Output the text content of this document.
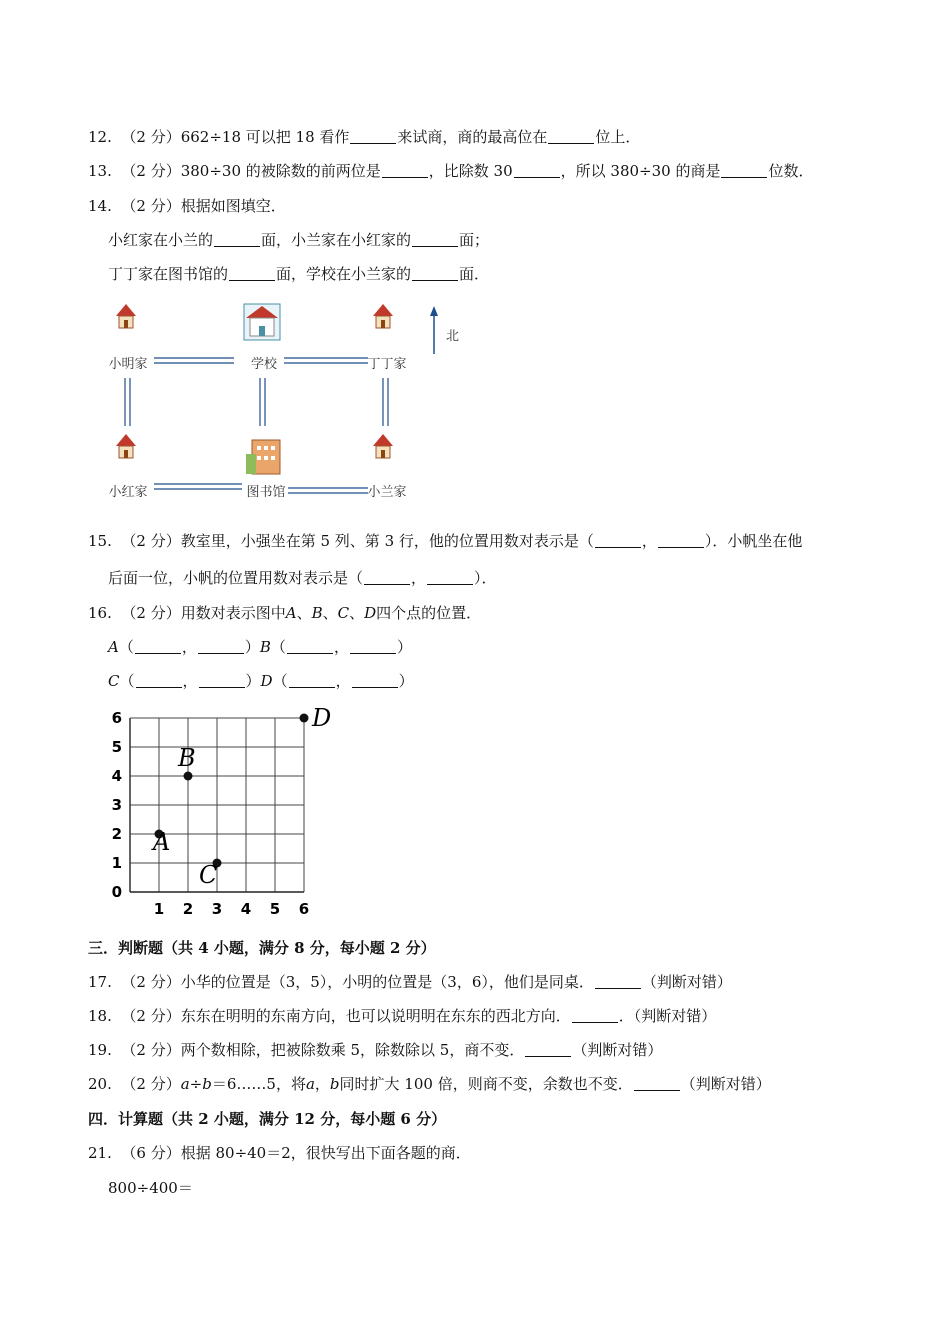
12. （2 分）662÷18 可以把 18 看作	来试商，商的最高位在	位上．
13. （2 分）380÷30 的被除数的前两位是	，比除数 30	，所以 380÷30 的商是	位数．
14. （2 分）根据如图填空．
小红家在小兰的	面，小兰家在小红家的	面；
丁丁家在图书馆的	面，学校在小兰家的	面．
小明家	学校	丁丁家
小红家	图书馆	小兰家
北
15. （2 分）教室里，小强坐在第 5 列、第 3 行，他的位置用数对表示是（	，	）．小帆坐在他
后面一位，小帆的位置用数对表示是（	，	）．
16. （2 分）用数对表示图中A、B、C、D四个点的位置．
A（	，	）B（	，	）
C（	，	）D（	，	）
1 2 3 4 5 6
0
1
2
3
4
5
6
A
B
C
D
三．判断题（共 4 小题，满分 8 分，每小题 2 分）
17. （2 分）小华的位置是（3，5），小明的位置是（3，6），他们是同桌．	（判断对错）
18. （2 分）东东在明明的东南方向，也可以说明明在东东的西北方向．	．（判断对错）
19. （2 分）两个数相除，把被除数乘 5，除数除以 5，商不变．	（判断对错）
20. （2 分）a÷b＝6……5，将a，b同时扩大 100 倍，则商不变，余数也不变．	（判断对错）
四．计算题（共 2 小题，满分 12 分，每小题 6 分）
21. （6 分）根据 80÷40＝2，很快写出下面各题的商．
800÷400＝
